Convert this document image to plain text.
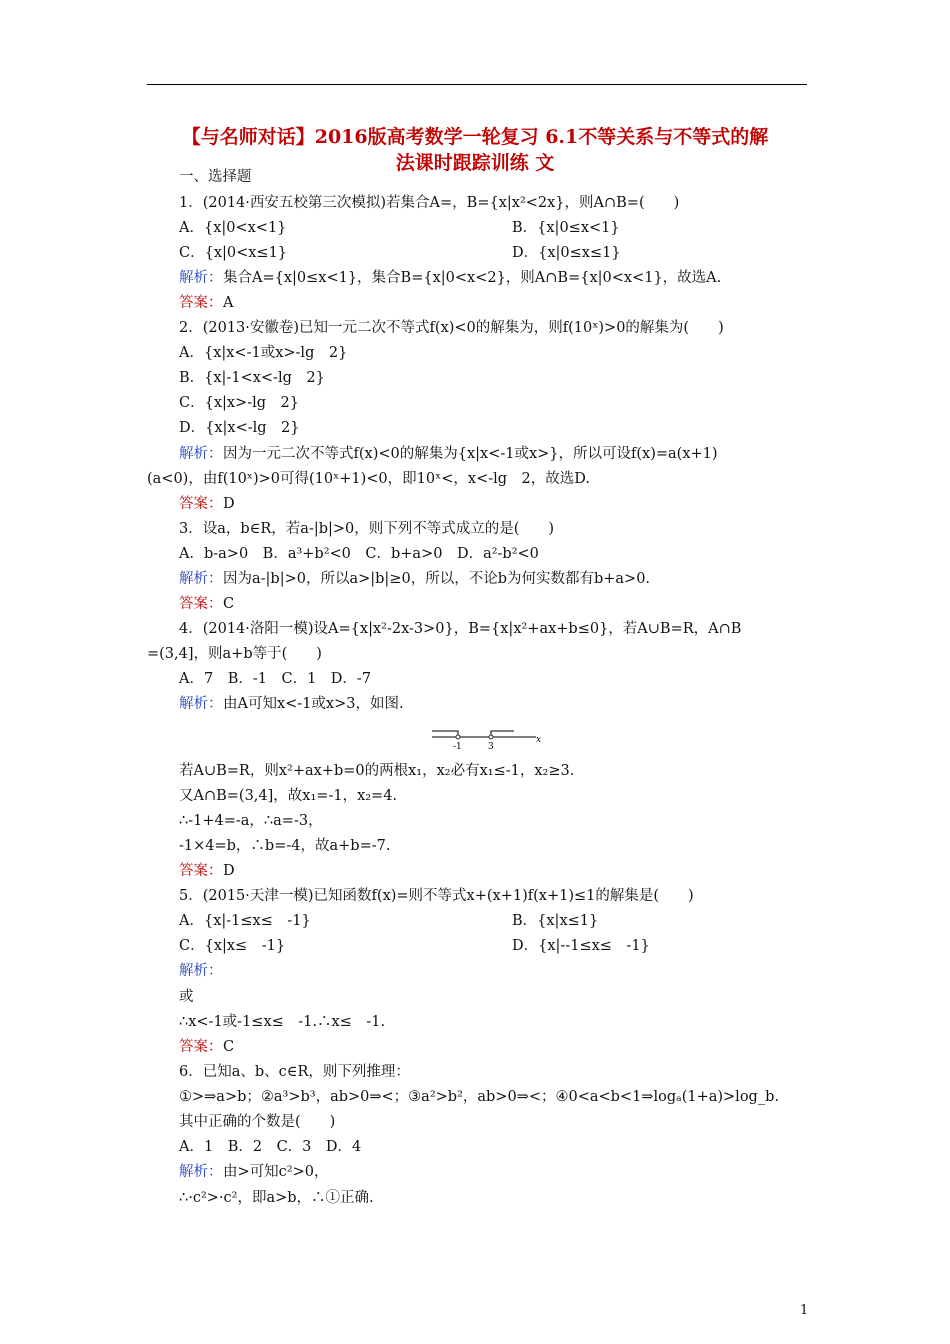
【与名师对话】2016版高考数学一轮复习 6.1不等关系与不等式的解
法课时跟踪训练 文
一、选择题
1．(2014·西安五校第三次模拟)若集合A=，B={x|x²<2x}，则A∩B=(　　)
A．{x|0<x<1}	B．{x|0≤x<1}
C．{x|0<x≤1}	D．{x|0≤x≤1}
解析： 集合A={x|0≤x<1}，集合B={x|0<x<2}，则A∩B={x|0<x<1}，故选A.
答案： A
2．(2013·安徽卷)已知一元二次不等式f(x)<0的解集为，则f(10ˣ)>0的解集为(　　)
A．{x|x<-1或x>-lg　2}
B．{x|-1<x<-lg　2}
C．{x|x>-lg　2}
D．{x|x<-lg　2}
解析： 因为一元二次不等式f(x)<0的解集为{x|x<-1或x>}，所以可设f(x)=a(x+1)
(a<0)，由f(10ˣ)>0可得(10ˣ+1)<0，即10ˣ<，x<-lg　2，故选D.
答案： D
3．设a，b∈R，若a-|b|>0，则下列不等式成立的是(　　)
A．b-a>0　B．a³+b²<0　C．b+a>0　D．a²-b²<0
解析： 因为a-|b|>0，所以a>|b|≥0，所以，不论b为何实数都有b+a>0.
答案： C
4．(2014·洛阳一模)设A={x|x²-2x-3>0}，B={x|x²+ax+b≤0}，若A∪B=R，A∩B
=(3,4]，则a+b等于(　　)
A．7　B．-1　C．1　D．-7
解析： 由A可知x<-1或x>3，如图.
若A∪B=R，则x²+ax+b=0的两根x₁，x₂必有x₁≤-1，x₂≥3.
又A∩B=(3,4]，故x₁=-1，x₂=4.
∴-1+4=-a，∴a=-3，
-1×4=b，∴b=-4，故a+b=-7.
答案： D
5．(2015·天津一模)已知函数f(x)=则不等式x+(x+1)f(x+1)≤1的解集是(　　)
A．{x|-1≤x≤　-1}	B．{x|x≤1}
C．{x|x≤　-1}	D．{x|--1≤x≤　-1}
解析：
或
∴x<-1或-1≤x≤　-1.∴x≤　-1.
答案： C
6．已知a、b、c∈R，则下列推理：
①>⇒a>b；②a³>b³，ab>0⇒<；③a²>b²，ab>0⇒<；④0<a<b<1⇒logₐ(1+a)>log_b.
其中正确的个数是(　　)
A．1　B．2　C．3　D．4
解析： 由>可知c²>0，
∴·c²>·c²，即a>b，∴①正确.
-1	3
x
1
